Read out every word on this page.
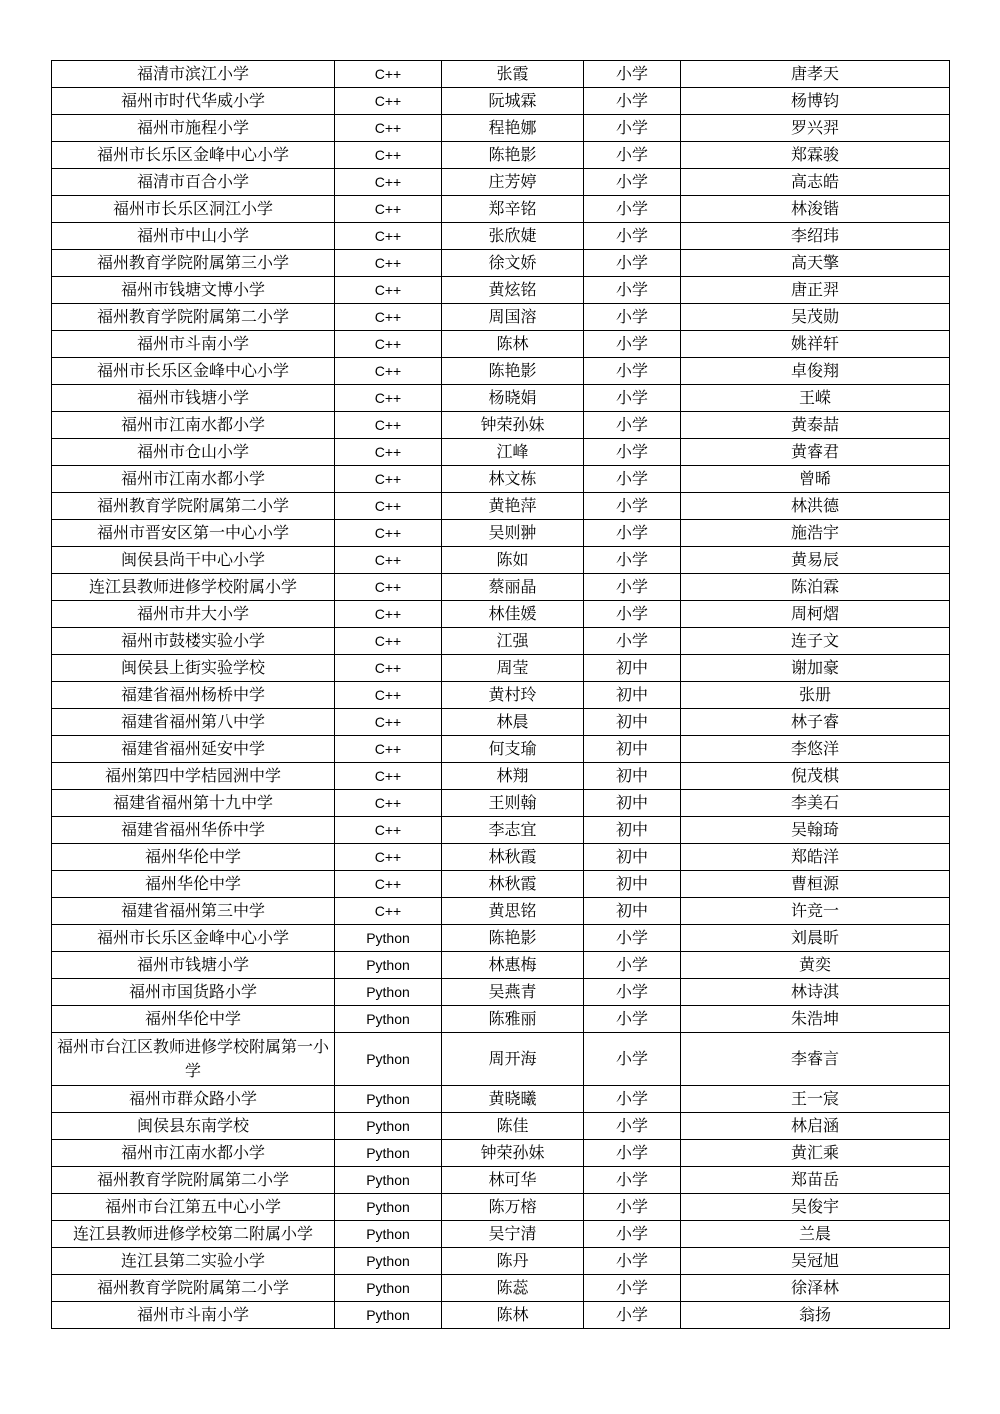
福清市滨江小学	C++	张霞	小学	唐孝天
福州市时代华威小学	C++	阮城霖	小学	杨博钧
福州市施程小学	C++	程艳娜	小学	罗兴羿
福州市长乐区金峰中心小学	C++	陈艳影	小学	郑霖骏
福清市百合小学	C++	庄芳婷	小学	高志皓
福州市长乐区洞江小学	C++	郑辛铭	小学	林浚锴
福州市中山小学	C++	张欣婕	小学	李绍玮
福州教育学院附属第三小学	C++	徐文娇	小学	高天擎
福州市钱塘文博小学	C++	黄炫铭	小学	唐正羿
福州教育学院附属第二小学	C++	周国溶	小学	吴茂勋
福州市斗南小学	C++	陈林	小学	姚祥轩
福州市长乐区金峰中心小学	C++	陈艳影	小学	卓俊翔
福州市钱塘小学	C++	杨晓娟	小学	王嵘
福州市江南水都小学	C++	钟荣孙妹	小学	黄泰喆
福州市仓山小学	C++	江峰	小学	黄睿君
福州市江南水都小学	C++	林文栋	小学	曾晞
福州教育学院附属第二小学	C++	黄艳萍	小学	林洪德
福州市晋安区第一中心小学	C++	吴则翀	小学	施浩宇
闽侯县尚干中心小学	C++	陈如	小学	黄易辰
连江县教师进修学校附属小学	C++	蔡丽晶	小学	陈泊霖
福州市井大小学	C++	林佳媛	小学	周柯熠
福州市鼓楼实验小学	C++	江强	小学	连子文
闽侯县上街实验学校	C++	周莹	初中	谢加豪
福建省福州杨桥中学	C++	黄村玲	初中	张册
福建省福州第八中学	C++	林晨	初中	林子睿
福建省福州延安中学	C++	何支瑜	初中	李悠洋
福州第四中学桔园洲中学	C++	林翔	初中	倪茂棋
福建省福州第十九中学	C++	王则翰	初中	李美石
福建省福州华侨中学	C++	李志宜	初中	吴翰琦
福州华伦中学	C++	林秋霞	初中	郑皓洋
福州华伦中学	C++	林秋霞	初中	曹桓源
福建省福州第三中学	C++	黄思铭	初中	许竞一
福州市长乐区金峰中心小学	Python	陈艳影	小学	刘晨昕
福州市钱塘小学	Python	林惠梅	小学	黄奕
福州市国货路小学	Python	吴燕青	小学	林诗淇
福州华伦中学	Python	陈雅丽	小学	朱浩坤
福州市台江区教师进修学校附属第一小学	Python	周开海	小学	李睿言
福州市群众路小学	Python	黄晓曦	小学	王一宸
闽侯县东南学校	Python	陈佳	小学	林启涵
福州市江南水都小学	Python	钟荣孙妹	小学	黄汇乘
福州教育学院附属第二小学	Python	林可华	小学	郑苗岳
福州市台江第五中心小学	Python	陈万榕	小学	吴俊宇
连江县教师进修学校第二附属小学	Python	吴宁清	小学	兰晨
连江县第二实验小学	Python	陈丹	小学	吴冠旭
福州教育学院附属第二小学	Python	陈蕊	小学	徐泽林
福州市斗南小学	Python	陈林	小学	翁扬
